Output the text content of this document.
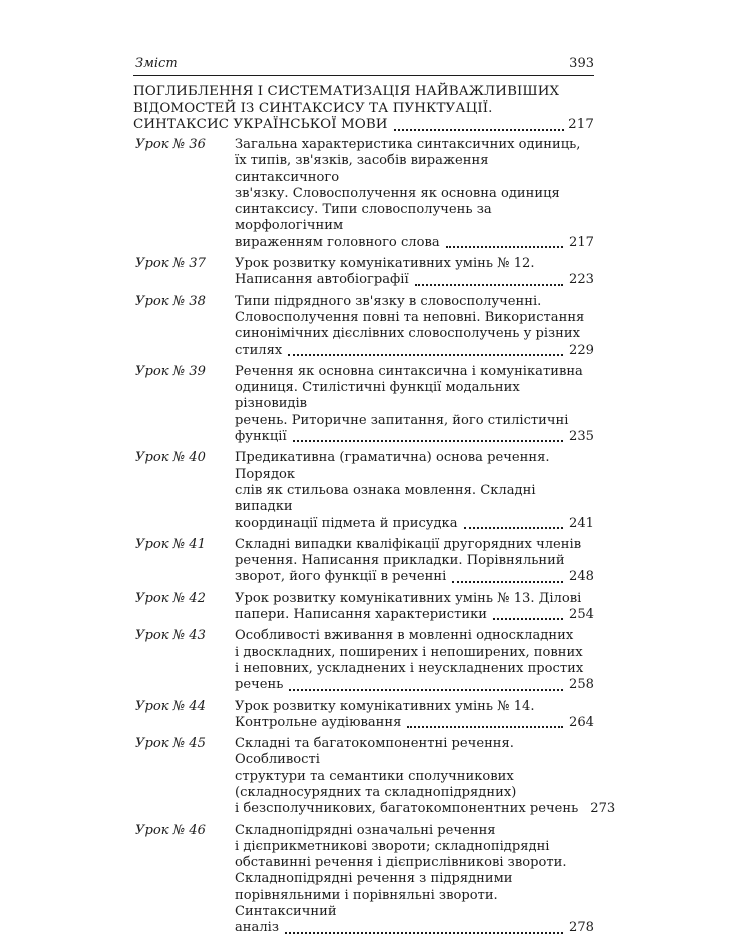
Зміст	393
ПОГЛИБЛЕННЯ І СИСТЕМАТИЗАЦІЯ НАЙВАЖЛИВІШИХ
ВІДОМОСТЕЙ ІЗ СИНТАКСИСУ ТА ПУНКТУАЦІЇ.
СИНТАКСИС УКРАЇНСЬКОЇ МОВИ	217
Урок № 36 Загальна характеристика синтаксичних одиниць,
їх типів, зв'язків, засобів вираження синтаксичного
зв'язку. Словосполучення як основна одиниця
синтаксису. Типи словосполучень за морфологічним
вираженням головного слова	217
Урок № 37 Урок розвитку комунікативних умінь № 12.
Написання автобіографії	223
Урок № 38 Типи підрядного зв'язку в словосполученні.
Словосполучення повні та неповні. Використання
синонімічних дієслівних словосполучень у різних
стилях	229
Урок № 39 Речення як основна синтаксична і комунікативна
одиниця. Стилістичні функції модальних різновидів
речень. Риторичне запитання, його стилістичні
функції	235
Урок № 40 Предикативна (граматична) основа речення. Порядок
слів як стильова ознака мовлення. Складні випадки
координації підмета й присудка	241
Урок № 41 Складні випадки кваліфікації другорядних членів
речення. Написання прикладки. Порівняльний
зворот, його функції в реченні	248
Урок № 42 Урок розвитку комунікативних умінь № 13. Ділові
папери. Написання характеристики	254
Урок № 43 Особливості вживання в мовленні односкладних
і двоскладних, поширених і непоширених, повних
і неповних, ускладнених і неускладнених простих
речень	258
Урок № 44 Урок розвитку комунікативних умінь № 14.
Контрольне аудіювання	264
Урок № 45 Складні та багатокомпонентні речення. Особливості
структури та семантики сполучникових
(складносурядних та складнопідрядних)
і безсполучникових, багатокомпонентних речень 273
Урок № 46 Складнопідрядні означальні речення
і дієприкметникові звороти; складнопідрядні
обставинні речення і дієприслівникові звороти.
Складнопідрядні речення з підрядними
порівняльними і порівняльні звороти. Синтаксичний
аналіз	278
